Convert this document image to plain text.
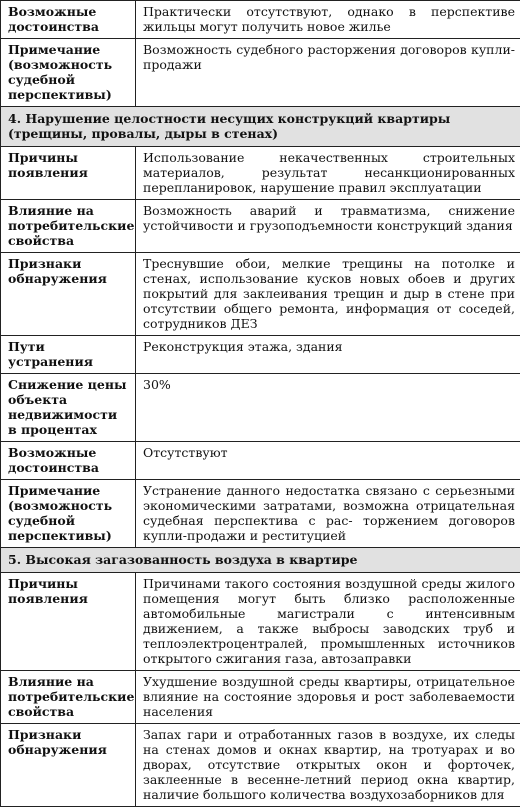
Возможные достоинства	Практически отсутствуют, однако в перспективе жильцы могут получить новое жилье
Примечание (возможность судебной перспективы)	Возможность судебного расторжения договоров купли-продажи
4. Нарушение целостности несущих конструкций квартиры (трещины, провалы, дыры в стенах)	
Причины появления	Использование некачественных строительных материалов, результат несанкционированных перепланировок, нарушение правил эксплуатации
Влияние на потребительские свойства	Возможность аварий и травматизма, снижение устойчивости и грузоподъемности конструкций здания
Признаки обнаружения	Треснувшие обои, мелкие трещины на потолке и стенах, использование кусков новых обоев и других покрытий для заклеивания трещин и дыр в стене при отсутствии общего ремонта, информация от соседей, сотрудников ДЕЗ
Пути устранения	Реконструкция этажа, здания
Снижение цены объекта недвижимости в процентах	30%
Возможные достоинства	Отсутствуют
Примечание (возможность судебной перспективы)	Устранение данного недостатка связано с серьезными экономическими затратами, возможна отрицательная судебная перспектива с рас- торжением договоров купли-продажи и реституцией
5. Высокая загазованность воздуха в квартире	
Причины появления	Причинами такого состояния воздушной среды жилого помещения могут быть близко расположенные автомобильные магистрали с интенсивным движением, а также выбросы заводских труб и теплоэлектроцентралей, промышленных источников открытого сжигания газа, автозаправки
Влияние на потребительские свойства	Ухудшение воздушной среды квартиры, отрицательное влияние на состояние здоровья и рост заболеваемости населения
Признаки обнаружения	Запах гари и отработанных газов в воздухе, их следы на стенах домов и окнах квартир, на тротуарах и во дворах, отсутствие открытых окон и форточек, заклеенные в весенне-летний период окна квартир, наличие большого количества воздухозаборников для
